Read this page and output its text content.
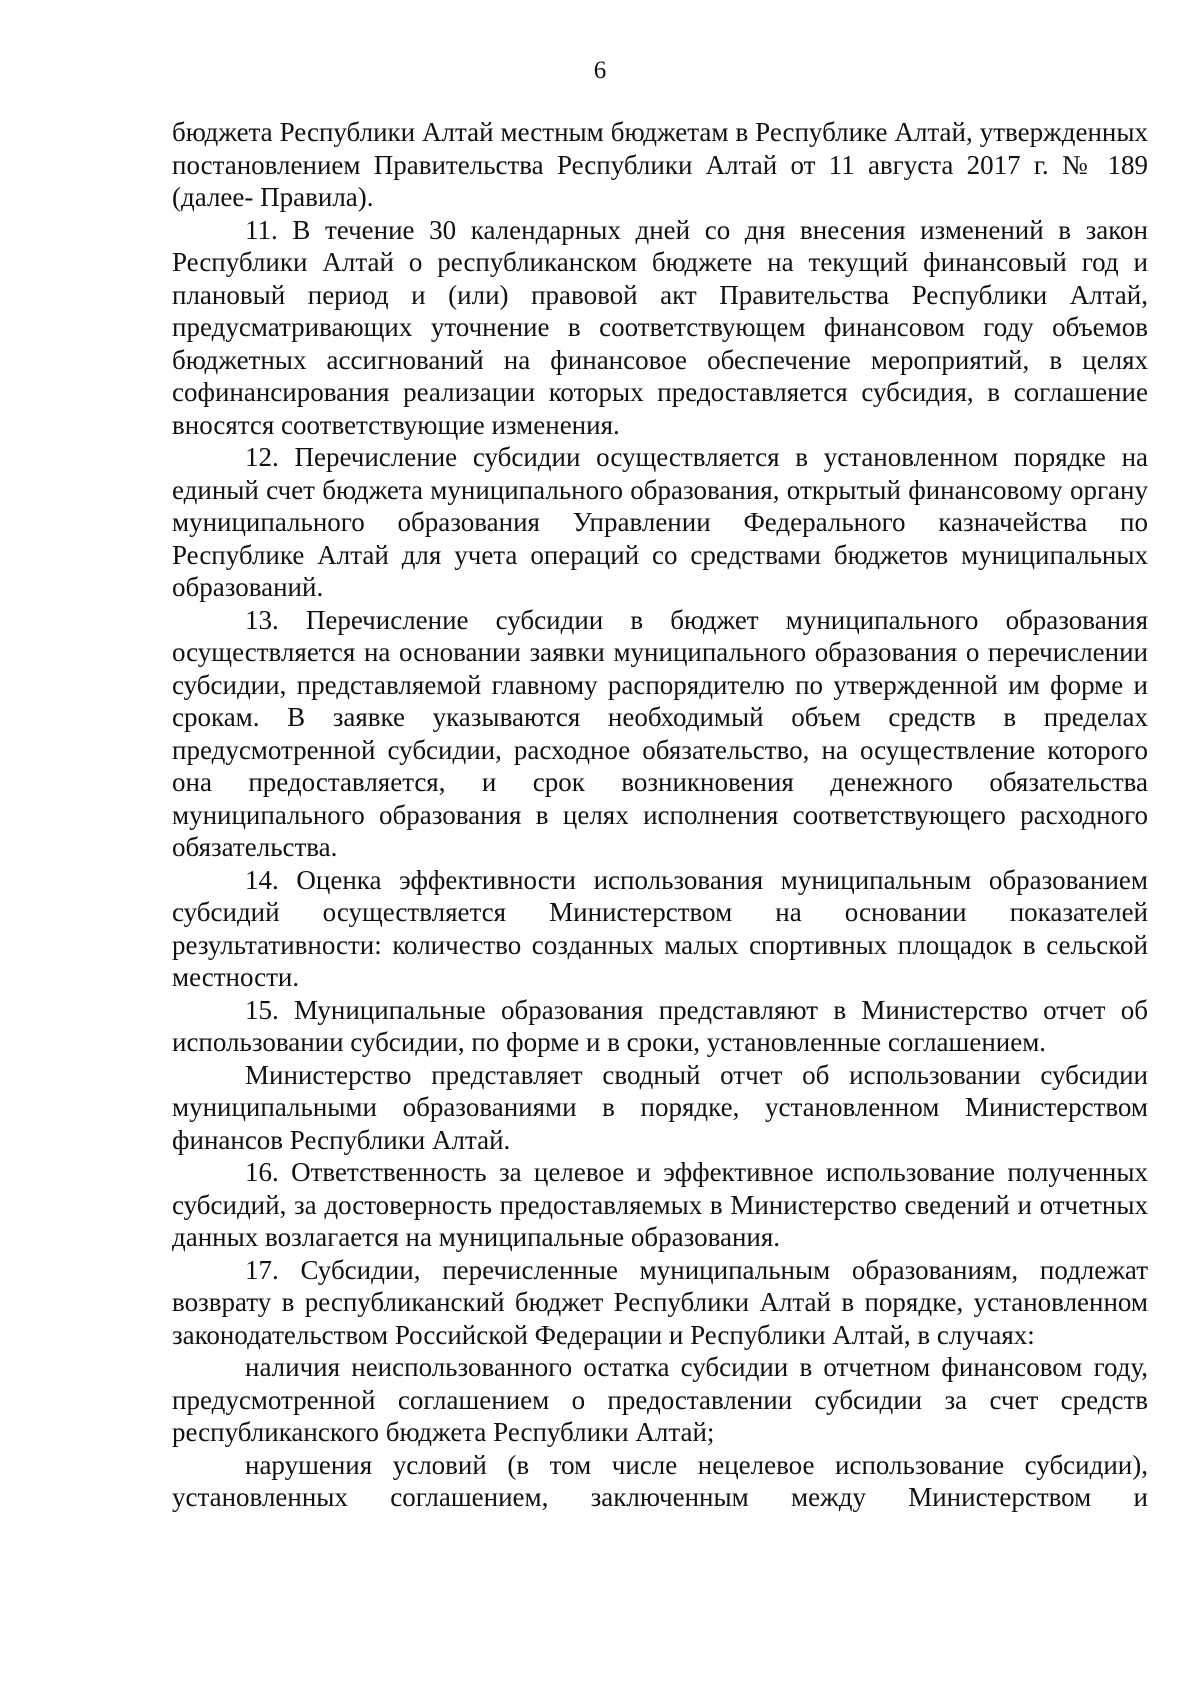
6

бюджета Республики Алтай местным бюджетам в Республике Алтай, утвержденных постановлением Правительства Республики Алтай от 11 августа 2017 г. № 189 (далее- Правила).

11. В течение 30 календарных дней со дня внесения изменений в закон Республики Алтай о республиканском бюджете на текущий финансовый год и плановый период и (или) правовой акт Правительства Республики Алтай, предусматривающих уточнение в соответствующем финансовом году объемов бюджетных ассигнований на финансовое обеспечение мероприятий, в целях софинансирования реализации которых предоставляется субсидия, в соглашение вносятся соответствующие изменения.

12. Перечисление субсидии осуществляется в установленном порядке на единый счет бюджета муниципального образования, открытый финансовому органу муниципального образования Управлении Федерального казначейства по Республике Алтай для учета операций со средствами бюджетов муниципальных образований.

13. Перечисление субсидии в бюджет муниципального образования осуществляется на основании заявки муниципального образования о перечислении субсидии, представляемой главному распорядителю по утвержденной им форме и срокам. В заявке указываются необходимый объем средств в пределах предусмотренной субсидии, расходное обязательство, на осуществление которого она предоставляется, и срок возникновения денежного обязательства муниципального образования в целях исполнения соответствующего расходного обязательства.

14. Оценка эффективности использования муниципальным образованием субсидий осуществляется Министерством на основании показателей результативности: количество созданных малых спортивных площадок в сельской местности.

15. Муниципальные образования представляют в Министерство отчет об использовании субсидии, по форме и в сроки, установленные соглашением.

Министерство представляет сводный отчет об использовании субсидии муниципальными образованиями в порядке, установленном Министерством финансов Республики Алтай.

16. Ответственность за целевое и эффективное использование полученных субсидий, за достоверность предоставляемых в Министерство сведений и отчетных данных возлагается на муниципальные образования.

17. Субсидии, перечисленные муниципальным образованиям, подлежат возврату в республиканский бюджет Республики Алтай в порядке, установленном законодательством Российской Федерации и Республики Алтай, в случаях:

наличия неиспользованного остатка субсидии в отчетном финансовом году, предусмотренной соглашением о предоставлении субсидии за счет средств республиканского бюджета Республики Алтай;

нарушения условий (в том числе нецелевое использование субсидии), установленных соглашением, заключенным между Министерством и
